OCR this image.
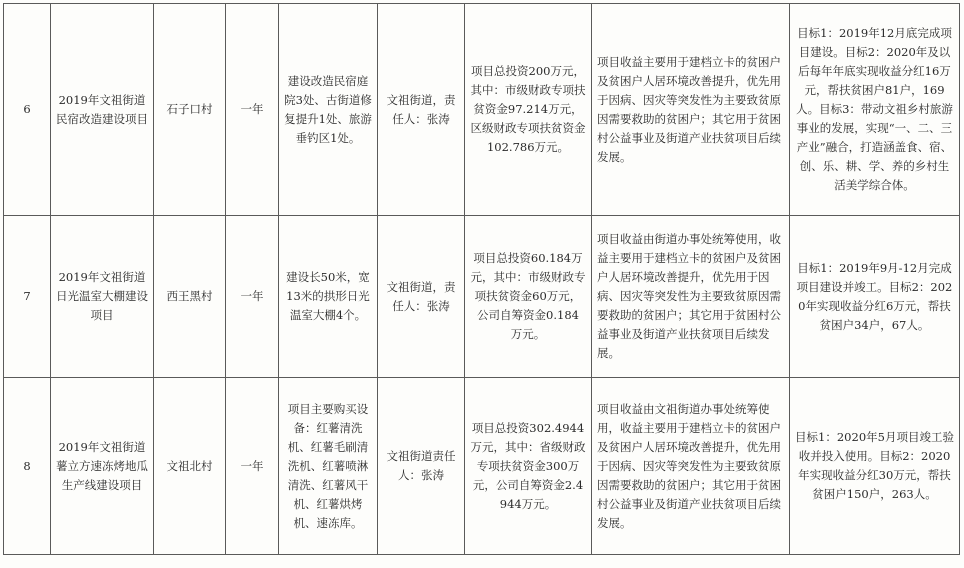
6	2019年文祖街道民宿改造建设项目	石子口村	一年	建设改造民宿庭院3处、古街道修复提升1处、旅游垂钓区1处。	文祖街道，责任人：张涛	项目总投资200万元，其中：市级财政专项扶贫资金97.214万元，区级财政专项扶贫资金102.786万元。	项目收益主要用于建档立卡的贫困户及贫困户人居环境改善提升，优先用于因病、因灾等突发性为主要致贫原因需要救助的贫困户；其它用于贫困村公益事业及街道产业扶贫项目后续发展。	目标1：2019年12月底完成项目建设。目标2：2020年及以后每年年底实现收益分红16万元，帮扶贫困户81户，169人。目标3：带动文祖乡村旅游事业的发展，实现“一、二、三产业”融合，打造涵盖食、宿、创、乐、耕、学、养的乡村生活美学综合体。
7	2019年文祖街道日光温室大棚建设项目	西王黑村	一年	建设长50米，宽13米的拱形日光温室大棚4个。	文祖街道，责任人：张涛	项目总投资60.184万元，其中：市级财政专项扶贫资金60万元，公司自筹资金0.184 万元。	项目收益由街道办事处统筹使用，收益主要用于建档立卡的贫困户及贫困户人居环境改善提升，优先用于因病、因灾等突发性为主要致贫原因需要救助的贫困户；其它用于贫困村公益事业及街道产业扶贫项目后续发展。	目标1：2019年9月-12月完成项目建设并竣工。目标2：2020年实现收益分红6万元，帮扶贫困户34户，67人。
8	2019年文祖街道薯立方速冻烤地瓜生产线建设项目	文祖北村	一年	项目主要购买设备：红薯清洗机、红薯毛刷清洗机、红薯喷淋清洗、红薯风干机、红薯烘烤机、速冻库。	文祖街道责任人：张涛	项目总投资302.4944万元，其中：省级财政专项扶贫资金300万元，公司自筹资金2.4944万元。	项目收益由文祖街道办事处统筹使用，收益主要用于建档立卡的贫困户及贫困户人居环境改善提升，优先用于因病、因灾等突发性为主要致贫原因需要救助的贫困户；其它用于贫困村公益事业及街道产业扶贫项目后续发展。	目标1：2020年5月项目竣工验收并投入使用。目标2：2020年实现收益分红30万元，帮扶贫困户150户，263人。
